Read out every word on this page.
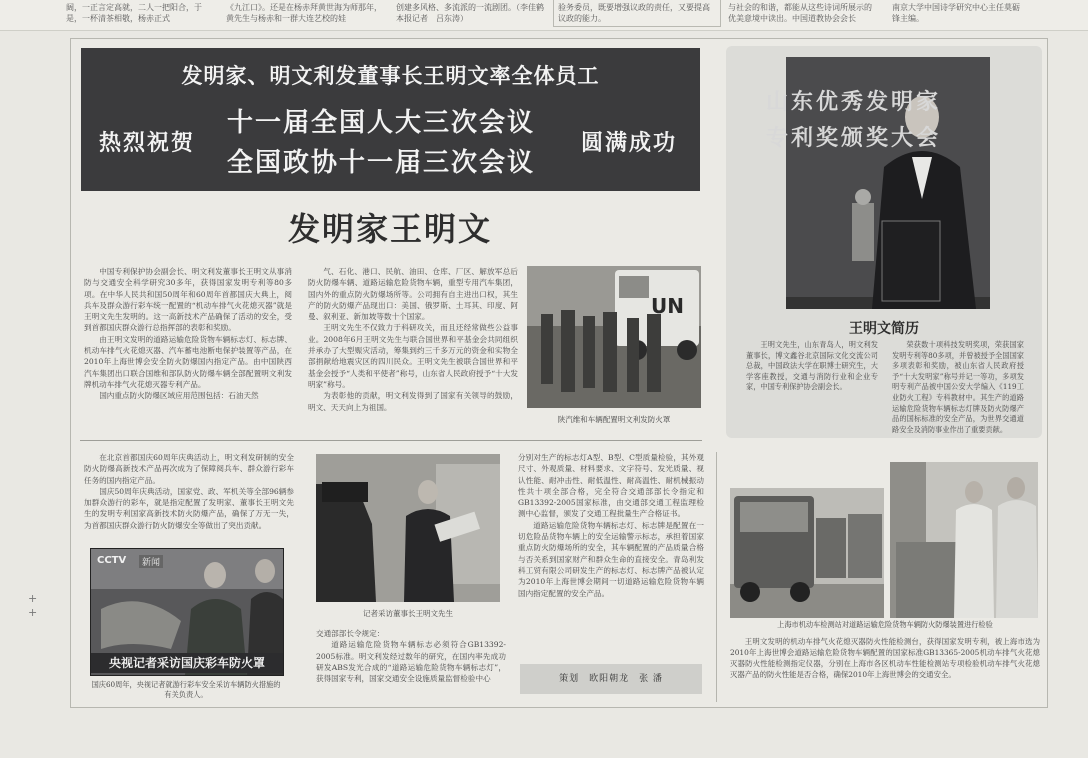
阔，一正言定高就，二人一把阳合，于是，一杯清茶相敬，杨赤正式
《九江口》。还是在杨赤拜黄世海为师那年，黄先生与杨赤和一群大连艺校的娃
创建多风格、多流派的一流剧团。（李佳鹤　本报记者　吕东涛）
验务委员，既要增强议政的责任，又要提高议政的能力。
与社会的和谐，都能从这些诗词所展示的优美意境中读出。中国道教协会会长
南京大学中国诗学研究中心主任莫砺锋主编。
+
+
发明家、明文利发董事长王明文率全体员工
热烈祝贺
十一届全国人大三次会议
全国政协十一届三次会议
圆满成功
发明家王明文

中国专利保护协会副会长、明文利发董事长王明文从事消防与交通安全科学研究30多年，获得国家发明专利等80多项。在中华人民共和国50周年和60周年首都国庆大典上，阅兵车及群众游行彩车统一配置的“机动车排气火花熄灭器”就是王明文先生发明的。这一高新技术产品确保了活动的安全，受到首都国庆群众游行总指挥部的表彰和奖励。

由王明文发明的道路运输危险货物车辆标志灯、标志牌、机动车排气火花熄灭器、汽车蓄电池断电保护装置等产品，在2010年上海世博会安全防火防爆国内指定产品。由中国陕西汽车集团出口联合国维和部队防火防爆车辆全部配置明文利发牌机动车排气火花熄灭器专利产品。

国内重点防火防爆区域应用范围包括：石油天然

气、石化、港口、民航、油田、仓库、厂区、解放军总后防火防爆车辆、道路运输危险货物车辆，重型专用汽车集团，国内外的重点防火防爆场所等。公司拥有自主进出口权，其生产的防火防爆产品现出口：美国、俄罗斯、土耳其、印度、阿曼、叙利亚、新加坡等数十个国家。

王明文先生不仅致力于科研攻关，而且还经常做些公益事业。2008年6月王明文先生与联合国世界和平基金会共同组织并承办了大型赈灾活动，筹集到约三千多万元的资金和实物全部捐献给地震灾区的四川民众。王明文先生被联合国世界和平基金会授予“人类和平使者”称号，山东省人民政府授予“十大发明家”称号。

为表彰他的贡献，明文利发得到了国家有关领导的鼓励，明文、天天向上为祖国。

UN
陕汽维和车辆配置明文利发防火罩
山东优秀发明家
专利奖颁奖大会
王明文简历

王明文先生，山东青岛人，明文利发董事长，博文鑫谷北京国际文化交流公司总裁，中国政法大学在职博士研究生，大学客座教授，交通与消防行业和企业专家，中国专利保护协会副会长。

荣获数十项科技发明奖项，荣获国家发明专利等80多项，并曾被授予全国国家多项表彰和奖励，被山东省人民政府授予“十大发明家”称号并记一等功，多项发明专利产品被中国公安大学编入《119工业防火工程》专科教材中。其生产的道路运输危险货物车辆标志灯牌及防火防爆产品的国标标准的安全产品，为世界交通道路安全及消防事业作出了重要贡献。

在北京首都国庆60周年庆典活动上，明文利发研制的安全防火防爆高新技术产品再次成为了保障阅兵车、群众游行彩车任务的国内指定产品。

国庆50周年庆典活动，国家党、政、军机关等全部96辆参加群众游行的彩车，就是指定配置了发明家、董事长王明文先生的发明专利国家高新技术防火防爆产品，确保了万无一失，为首都国庆群众游行防火防爆安全等做出了突出贡献。

CCTV	新闻
央视记者采访国庆彩车防火罩
国庆60周年，央视记者就游行彩车安全采访车辆防火措施的有关负责人。
记者采访董事长王明文先生

交通部部长令规定：

道路运输危险货物车辆标志必须符合GB13392-2005标准。明文利发经过数年的研究，在国内率先成功研发ABS发光合成的“道路运输危险货物车辆标志灯”，获得国家专利，国家交通安全设施质量监督检验中心

分别对生产的标志灯A型、B型、C型质量检验，其外观尺寸、外观质量、材料要求、文字符号、发光质量、视认性能、耐冲击性、耐低温性、耐高温性、耐机械振动性共十项全部合格，完全符合交通部部长令指定和GB13392-2005国家标准，由交通部交通工程监理检测中心监督，颁发了交通工程批量生产合格证书。

道路运输危险货物车辆标志灯、标志牌是配置在一切危险品货物车辆上的安全运输警示标志，承担着国家重点防火防爆场所的安全，其车辆配置的产品质量合格与否关系到国家财产和群众生命的直接安全。青岛利发科工贸有限公司研发生产的标志灯、标志牌产品被认定为2010年上海世博会期间一切道路运输危险货物车辆国内指定配置的安全产品。

策划　欧阳朝龙　张 潘
上海市机动车检测站对道路运输危险货物车辆防火防爆装置进行检验

王明文发明的机动车排气火花熄灭器防火性能检测台，获得国家发明专利，被上海市选为2010年上海世博会道路运输危险货物车辆配置的国家标准GB13365-2005机动车排气火花熄灭器防火性能检测指定仪器，分别在上海市各区机动车性能检测站专项检验机动车排气火花熄灭器产品的防火性能是否合格，确保2010年上海世博会的交通安全。
